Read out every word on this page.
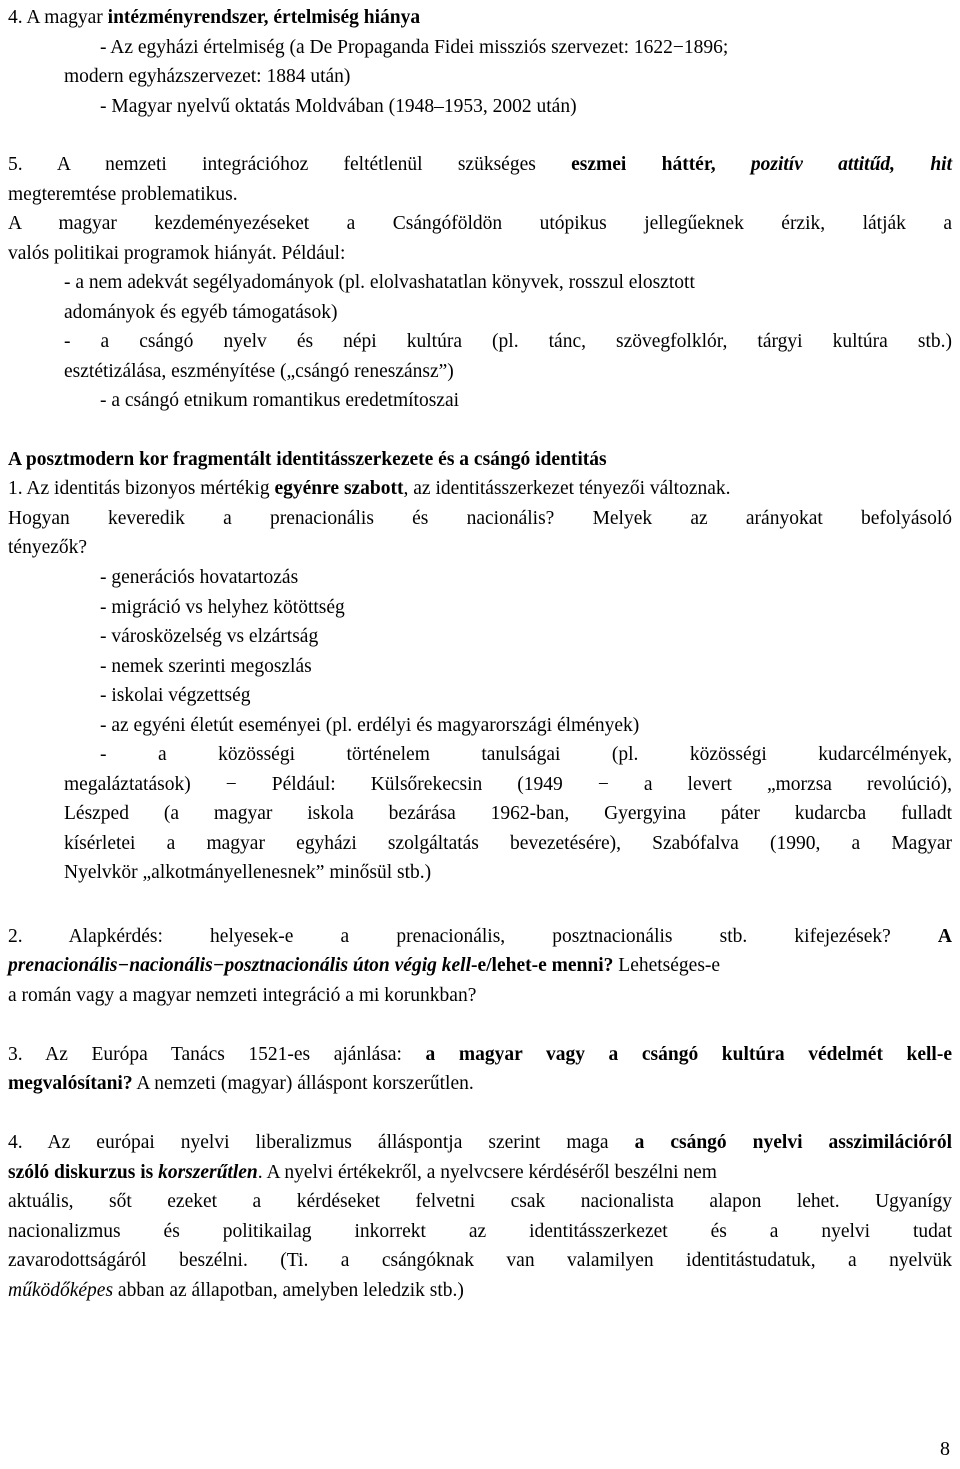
4. A magyar intézményrendszer, értelmiség hiánya
- Az egyházi értelmiség (a De Propaganda Fidei missziós szervezet: 1622−1896;
modern egyházszervezet: 1884 után)
- Magyar nyelvű oktatás Moldvában (1948–1953, 2002 után)
5. A nemzeti integrációhoz feltétlenül szükséges eszmei háttér, pozitív attitűd, hit
megteremtése problematikus.
A magyar kezdeményezéseket a Csángóföldön utópikus jellegűeknek érzik, látják a
valós politikai programok hiányát. Például:
- a nem adekvát segélyadományok (pl. elolvashatatlan könyvek, rosszul elosztott
adományok és egyéb támogatások)
- a csángó nyelv és népi kultúra (pl. tánc, szövegfolklór, tárgyi kultúra stb.)
esztétizálása, eszményítése („csángó reneszánsz”)
- a csángó etnikum romantikus eredetmítoszai
A posztmodern kor fragmentált identitásszerkezete és a csángó identitás
1. Az identitás bizonyos mértékig egyénre szabott, az identitásszerkezet tényezői változnak.
Hogyan keveredik a prenacionális és nacionális? Melyek az arányokat befolyásoló
tényezők?
- generációs hovatartozás
- migráció vs helyhez kötöttség
- városközelség vs elzártság
- nemek szerinti megoszlás
- iskolai végzettség
- az egyéni életút eseményei (pl. erdélyi és magyarországi élmények)
- a közösségi történelem tanulságai (pl. közösségi kudarcélmények,
megaláztatások) − Például: Külsőrekecsin (1949 − a levert „morzsa revolúció),
Lészped (a magyar iskola bezárása 1962-ban, Gyergyina páter kudarcba fulladt
kísérletei a magyar egyházi szolgáltatás bevezetésére), Szabófalva (1990, a Magyar
Nyelvkör „alkotmányellenesnek” minősül stb.)
2. Alapkérdés: helyesek-e a prenacionális, posztnacionális stb. kifejezések? A
prenacionális−nacionális−posztnacionális úton végig kell-e/lehet-e menni? Lehetséges-e
a román vagy a magyar nemzeti integráció a mi korunkban?
3. Az Európa Tanács 1521-es ajánlása: a magyar vagy a csángó kultúra védelmét kell-e
megvalósítani? A nemzeti (magyar) álláspont korszerűtlen.
4. Az európai nyelvi liberalizmus álláspontja szerint maga a csángó nyelvi asszimilációról
szóló diskurzus is korszerűtlen. A nyelvi értékekről, a nyelvcsere kérdéséről beszélni nem
aktuális, sőt ezeket a kérdéseket felvetni csak nacionalista alapon lehet. Ugyanígy
nacionalizmus és politikailag inkorrekt az identitásszerkezet és a nyelvi tudat
zavarodottságáról beszélni. (Ti. a csángóknak van valamilyen identitástudatuk, a nyelvük
működőképes abban az állapotban, amelyben leledzik stb.)
8
